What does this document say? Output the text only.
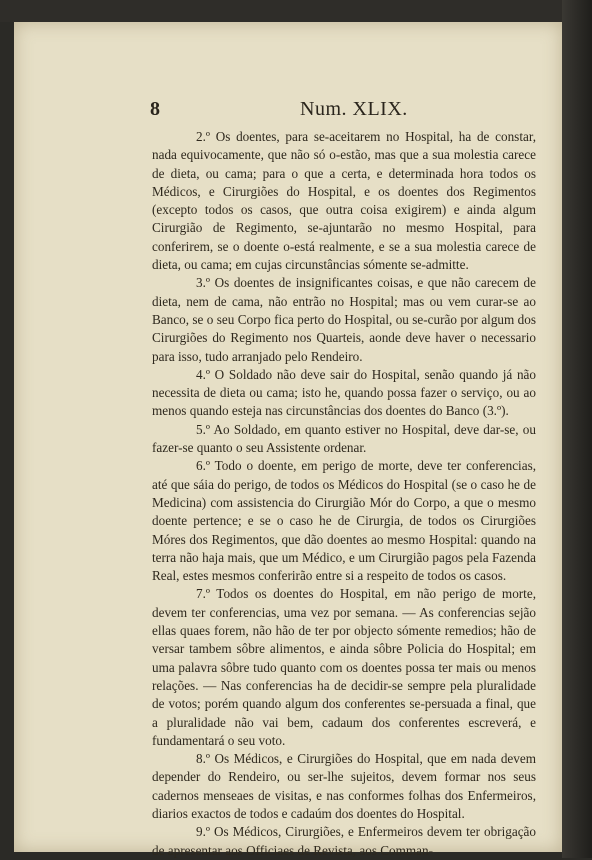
8	Num. XLIX.

2.º Os doentes, para se-aceitarem no Hospital, ha de constar, nada equivocamente, que não só o-estão, mas que a sua molestia carece de dieta, ou cama; para o que a certa, e determinada hora todos os Médicos, e Cirurgiões do Hospital, e os doentes dos Regimentos (excepto todos os casos, que outra coisa exigirem) e ainda algum Cirurgião de Regimento, se-ajuntarão no mesmo Hospital, para conferirem, se o doente o-está realmente, e se a sua molestia carece de dieta, ou cama; em cujas circunstâncias sómente se-admitte.

3.º Os doentes de insignificantes coisas, e que não carecem de dieta, nem de cama, não entrão no Hospital; mas ou vem curar-se ao Banco, se o seu Corpo fica perto do Hospital, ou se-curão por algum dos Cirurgiões do Regimento nos Quarteis, aonde deve haver o necessario para isso, tudo arranjado pelo Rendeiro.

4.º O Soldado não deve sair do Hospital, senão quando já não necessita de dieta ou cama; isto he, quando possa fazer o serviço, ou ao menos quando esteja nas circunstâncias dos doentes do Banco (3.º).

5.º Ao Soldado, em quanto estiver no Hospital, deve dar-se, ou fazer-se quanto o seu Assistente ordenar.

6.º Todo o doente, em perigo de morte, deve ter conferencias, até que sáia do perigo, de todos os Médicos do Hospital (se o caso he de Medicina) com assistencia do Cirurgião Mór do Corpo, a que o mesmo doente pertence; e se o caso he de Cirurgia, de todos os Cirurgiões Móres dos Regimentos, que dão doentes ao mesmo Hospital: quando na terra não haja mais, que um Médico, e um Cirurgião pagos pela Fazenda Real, estes mesmos conferirão entre si a respeito de todos os casos.

7.º Todos os doentes do Hospital, em não perigo de morte, devem ter conferencias, uma vez por semana. — As conferencias sejão ellas quaes forem, não hão de ter por objecto sómente remedios; hão de versar tambem sôbre alimentos, e ainda sôbre Policia do Hospital; em uma palavra sôbre tudo quanto com os doentes possa ter mais ou menos relações. — Nas conferencias ha de decidir-se sempre pela pluralidade de votos; porém quando algum dos conferentes se-persuada a final, que a pluralidade não vai bem, cadaum dos conferentes escreverá, e fundamentará o seu voto.

8.º Os Médicos, e Cirurgiões do Hospital, que em nada devem depender do Rendeiro, ou ser-lhe sujeitos, devem formar nos seus cadernos menseaes de visitas, e nas conformes folhas dos Enfermeiros, diarios exactos de todos e cadaúm dos doentes do Hospital.

9.º Os Médicos, Cirurgiões, e Enfermeiros devem ter obrigação de apresentar aos Officiaes de Revista, aos Comman-
